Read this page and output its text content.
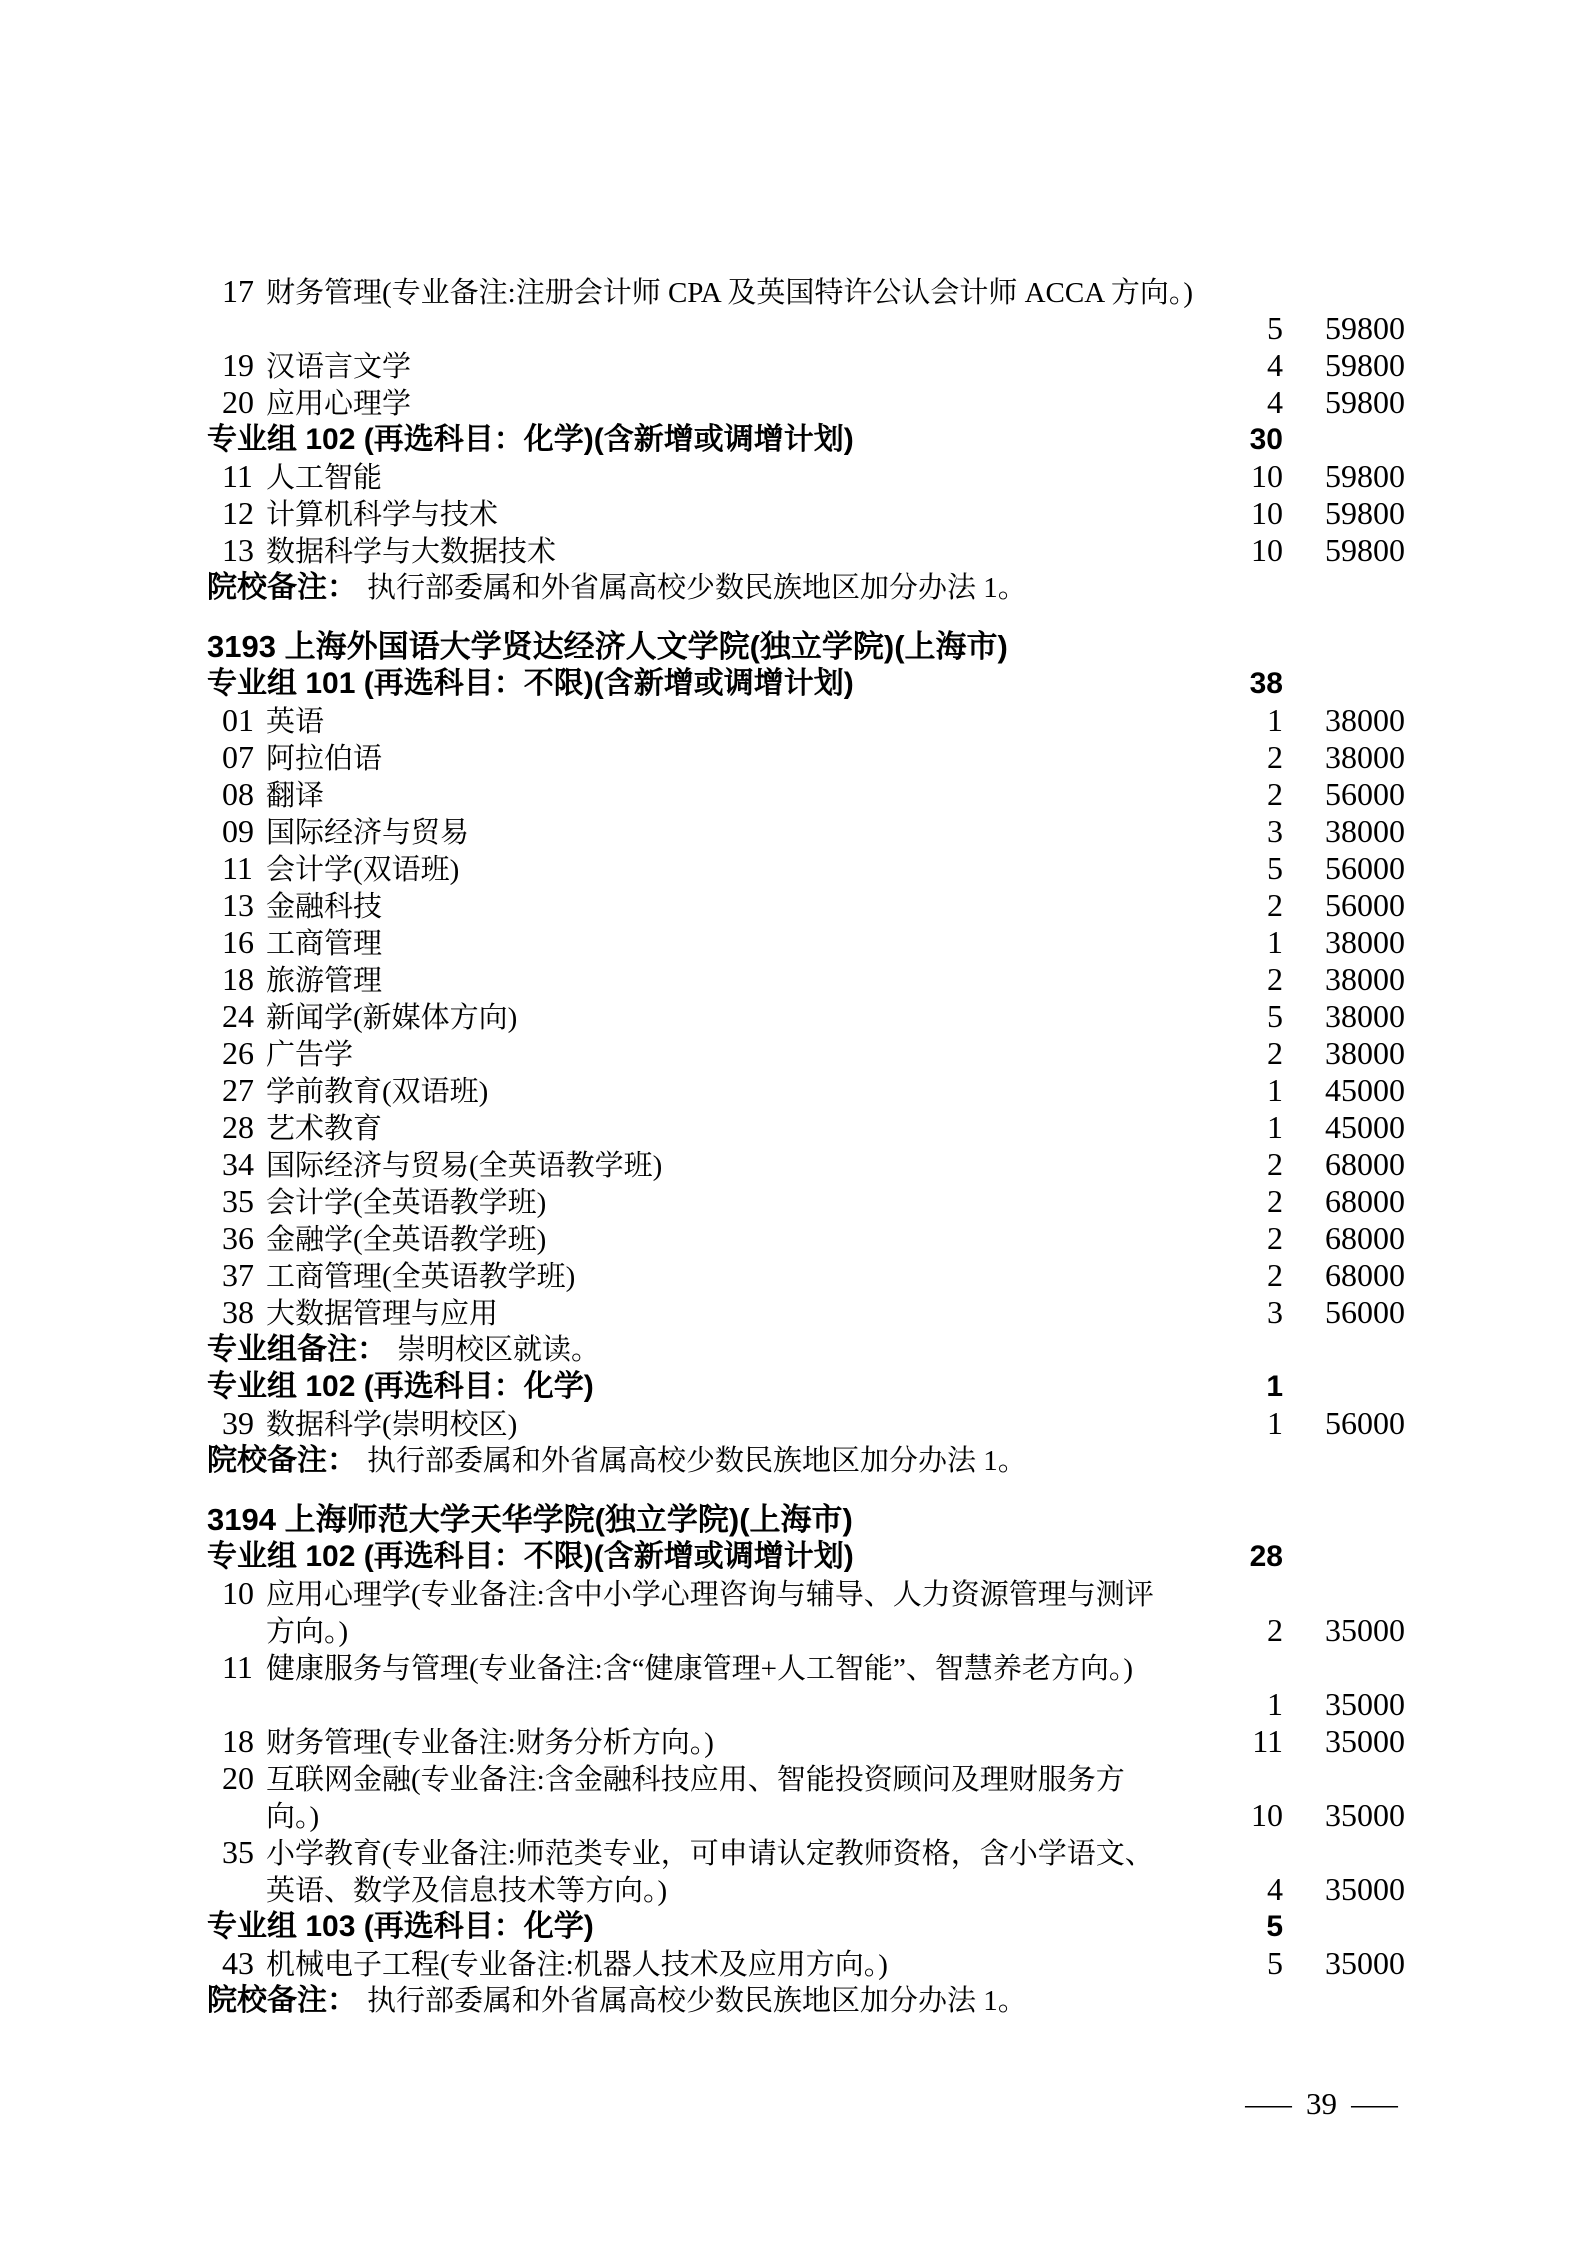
17 财务管理(专业备注:注册会计师 CPA 及英国特许公认会计师 ACCA 方向。)
5	59800
19 汉语言文学	4	59800
20 应用心理学	4	59800
专业组 102 (再选科目：化学)(含新增或调增计划)	30
11 人工智能	10	59800
12 计算机科学与技术	10	59800
13 数据科学与大数据技术	10	59800
院校备注： 执行部委属和外省属高校少数民族地区加分办法 1。
3193 上海外国语大学贤达经济人文学院(独立学院)(上海市)
专业组 101 (再选科目：不限)(含新增或调增计划)	38
01 英语	1	38000
07 阿拉伯语	2	38000
08 翻译	2	56000
09 国际经济与贸易	3	38000
11 会计学(双语班)	5	56000
13 金融科技	2	56000
16 工商管理	1	38000
18 旅游管理	2	38000
24 新闻学(新媒体方向)	5	38000
26 广告学	2	38000
27 学前教育(双语班)	1	45000
28 艺术教育	1	45000
34 国际经济与贸易(全英语教学班)	2	68000
35 会计学(全英语教学班)	2	68000
36 金融学(全英语教学班)	2	68000
37 工商管理(全英语教学班)	2	68000
38 大数据管理与应用	3	56000
专业组备注： 崇明校区就读。
专业组 102 (再选科目：化学)	1
39 数据科学(崇明校区)	1	56000
院校备注： 执行部委属和外省属高校少数民族地区加分办法 1。
3194 上海师范大学天华学院(独立学院)(上海市)
专业组 102 (再选科目：不限)(含新增或调增计划)	28
10 应用心理学(专业备注:含中小学心理咨询与辅导、人力资源管理与测评
方向。)	2	35000
11 健康服务与管理(专业备注:含“健康管理+人工智能”、智慧养老方向。)
1	35000
18 财务管理(专业备注:财务分析方向。)	11	35000
20 互联网金融(专业备注:含金融科技应用、智能投资顾问及理财服务方
向。)	10	35000
35 小学教育(专业备注:师范类专业，可申请认定教师资格，含小学语文、
英语、数学及信息技术等方向。)	4	35000
专业组 103 (再选科目：化学)	5
43 机械电子工程(专业备注:机器人技术及应用方向。)	5	35000
院校备注： 执行部委属和外省属高校少数民族地区加分办法 1。
— 39 —
